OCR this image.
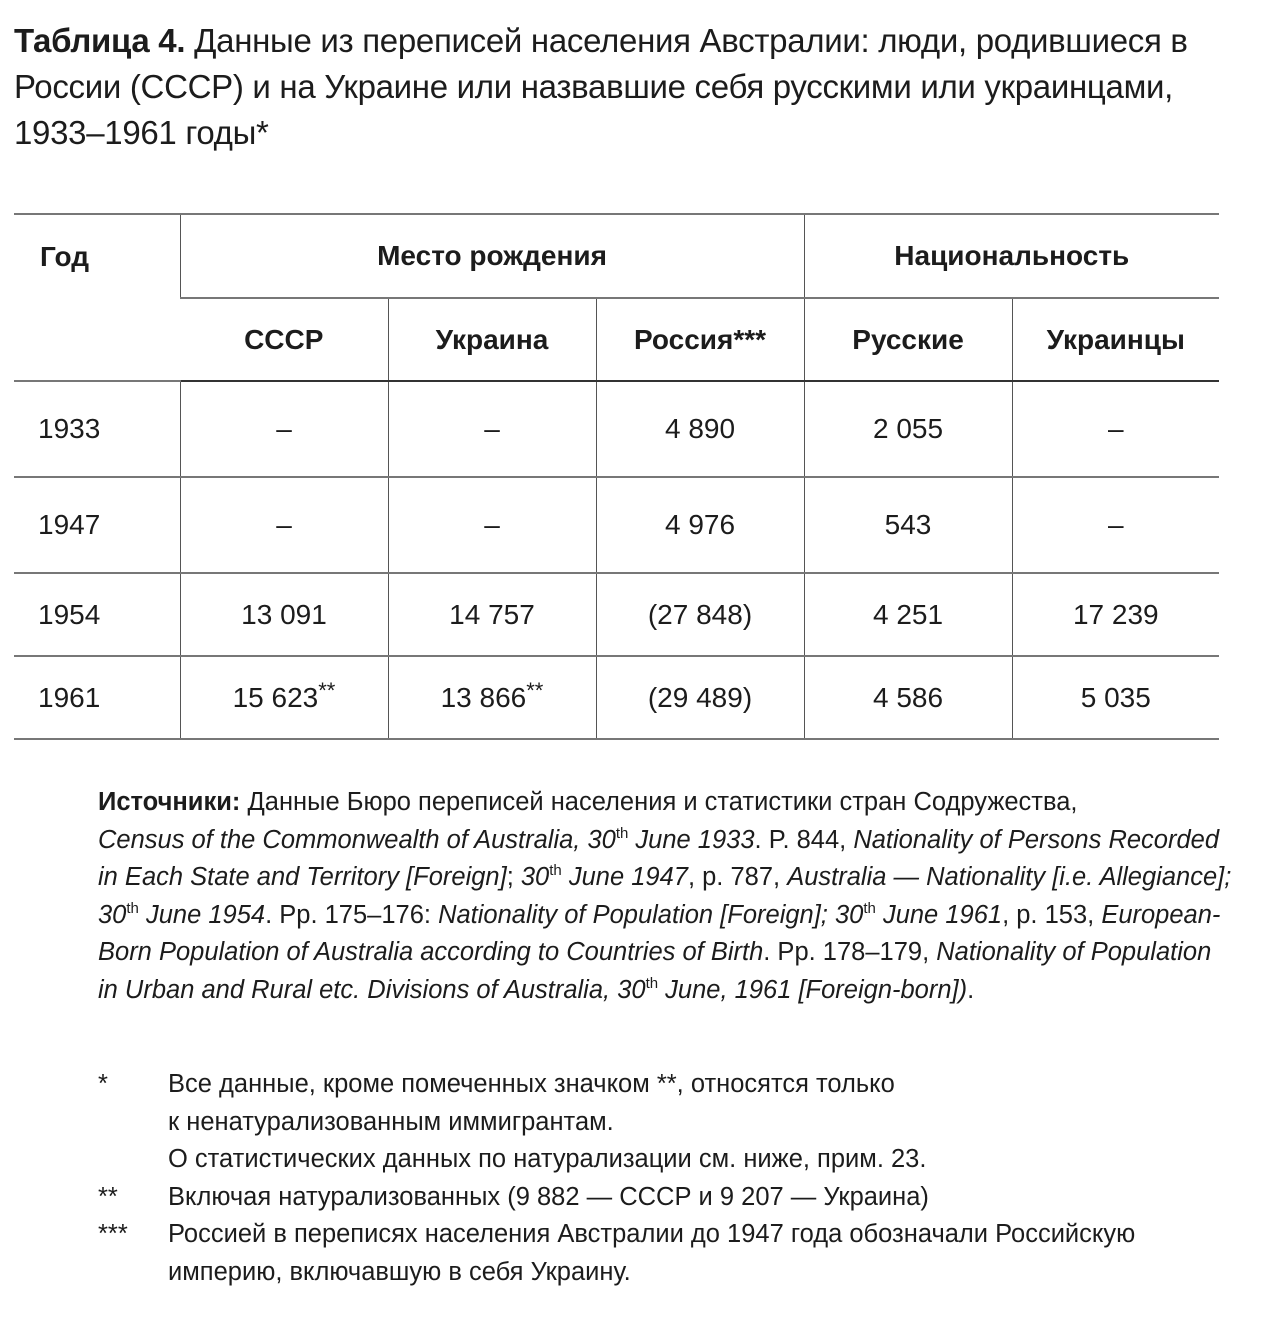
Таблица 4. Данные из переписей населения Австралии: люди, родившиеся в России (СССР) и на Украине или назвавшие себя русскими или украинцами, 1933–1961 годы*
Год	Место рождения			Национальность	
	СССР	Украина	Россия***	Русские	Украинцы
1933	–	–	4 890	2 055	–
1947	–	–	4 976	543	–
1954	13 091	14 757	(27 848)	4 251	17 239
1961	15 623**	13 866**	(29 489)	4 586	5 035
Источники: Данные Бюро переписей населения и статистики стран Содружества,
Census of the Commonwealth of Australia, 30th June 1933. P. 844, Nationality of Persons Recorded in Each State and Territory [Foreign]; 30th June 1947, p. 787, Australia — Nationality [i.e. Allegiance]; 30th June 1954. Pp. 175–176: Nationality of Population [Foreign]; 30th June 1961, p. 153, European-Born Population of Australia according to Countries of Birth. Pp. 178–179, Nationality of Population in Urban and Rural etc. Divisions of Australia, 30th June, 1961 [Foreign-born]).
*	Все данные, кроме помеченных значком **, относятся только
к ненатурализованным иммигрантам.
О статистических данных по натурализации см. ниже, прим. 23.
**	Включая натурализованных (9 882 — СССР и 9 207 — Украина)
***	Россией в переписях населения Австралии до 1947 года обозначали Российскую
империю, включавшую в себя Украину.
